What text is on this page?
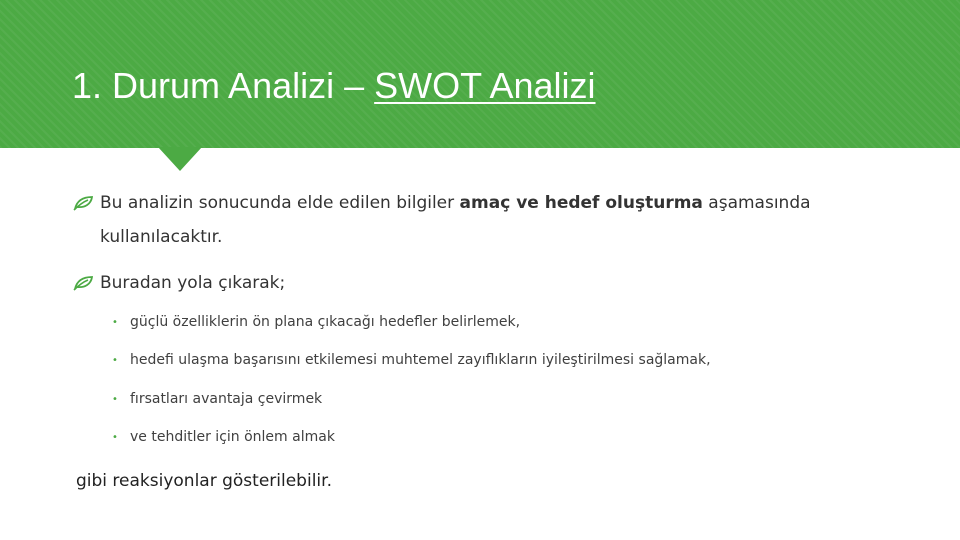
1. Durum Analizi – SWOT Analizi
Bu analizin sonucunda elde edilen bilgiler amaç ve hedef oluşturma aşamasında kullanılacaktır.
Buradan yola çıkarak;
• güçlü özelliklerin ön plana çıkacağı hedefler belirlemek,
• hedefi ulaşma başarısını etkilemesi muhtemel zayıflıkların iyileştirilmesi sağlamak,
• fırsatları avantaja çevirmek
• ve tehditler için önlem almak
gibi reaksiyonlar gösterilebilir.
